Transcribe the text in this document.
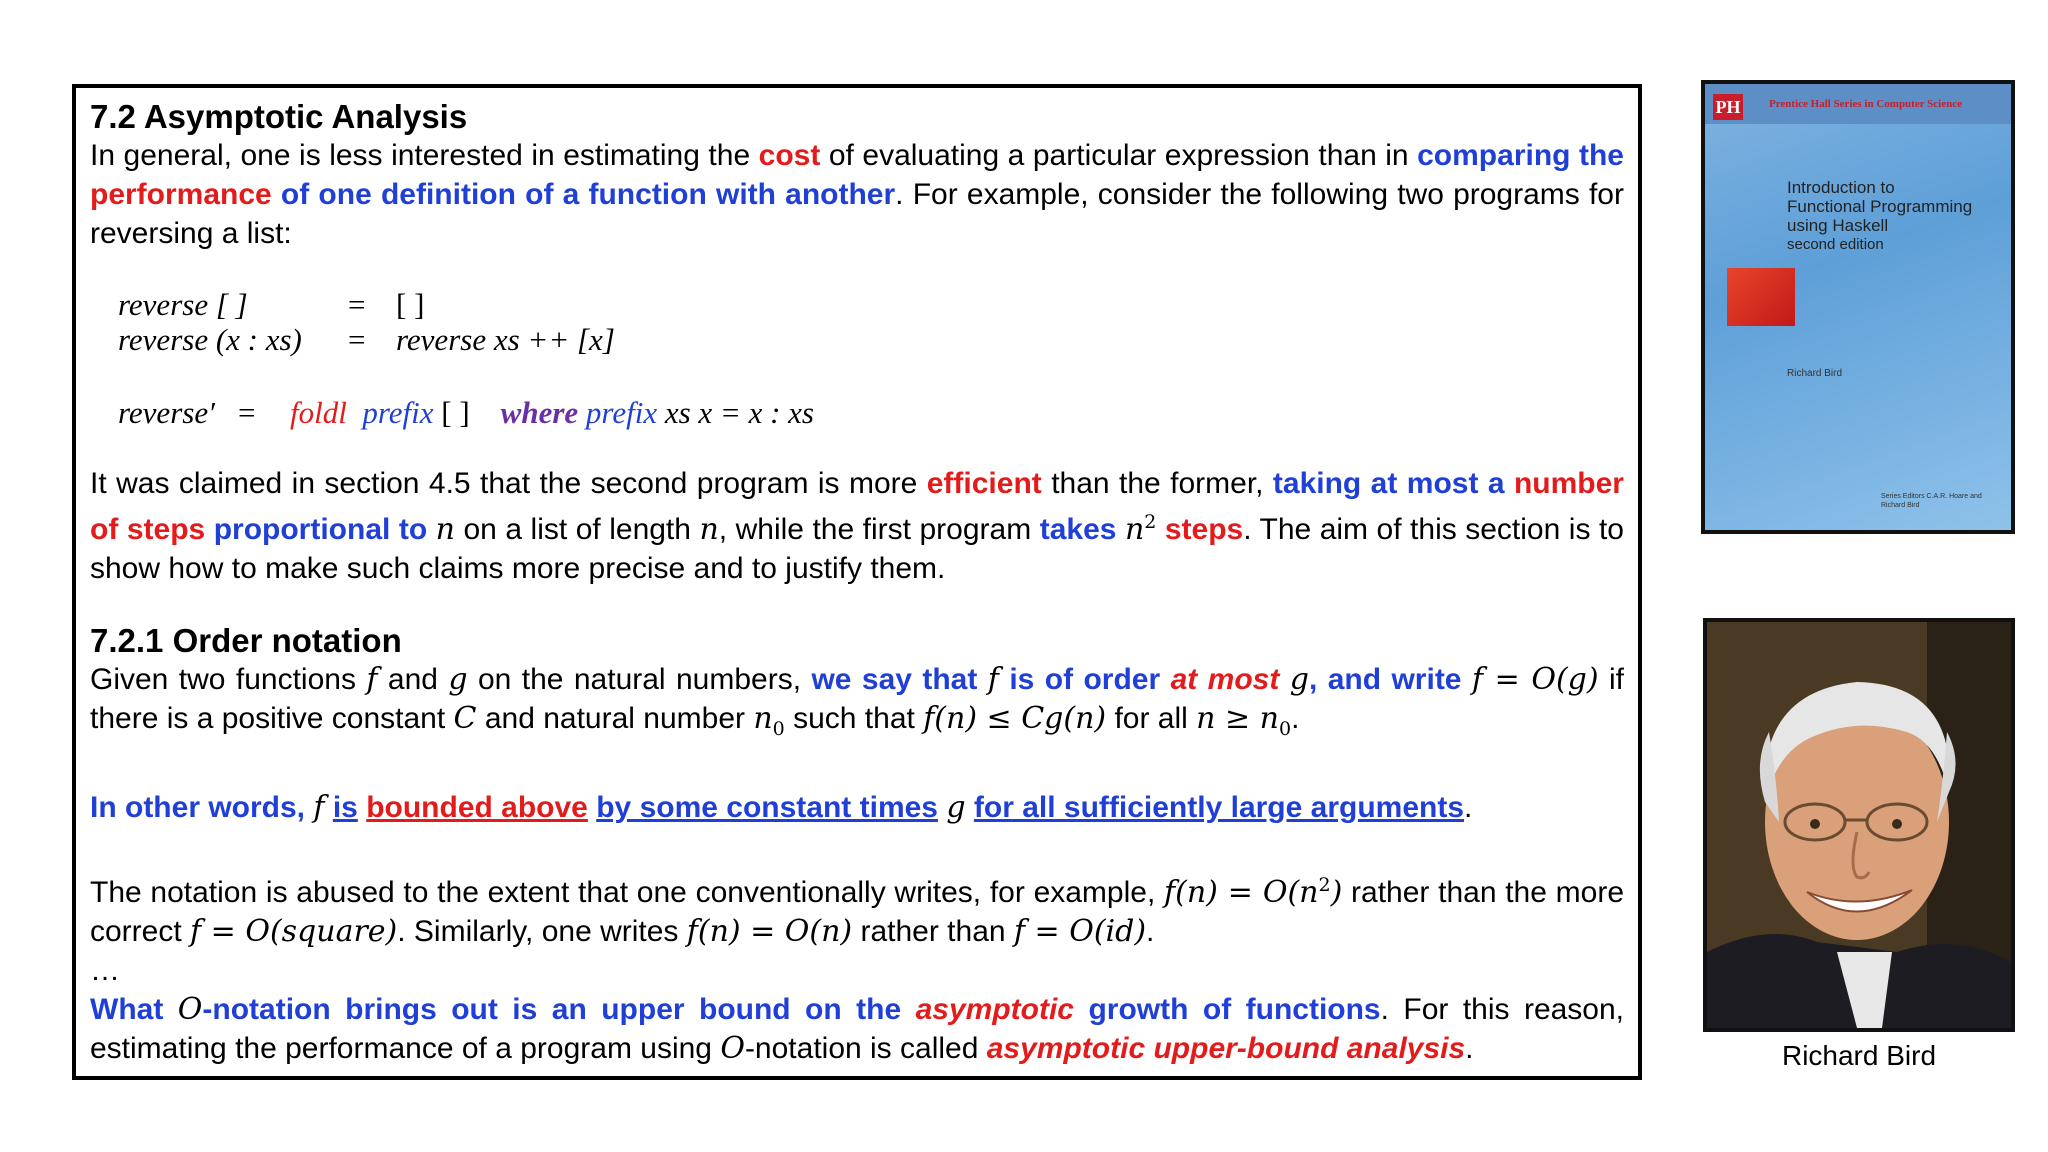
7.2 Asymptotic Analysis

In general, one is less interested in estimating the cost of evaluating a particular expression than in comparing the performance of one definition of a function with another. For example, consider the following two programs for reversing a list:

reverse [ ]	= [ ]
reverse (x : xs)	= reverse xs ++ [x]
reverse′ =	foldl
prefix
[ ]
where
prefix
xs x = x : xs

It was claimed in section 4.5 that the second program is more efficient than the former, taking at most a number of steps proportional to n on a list of length n, while the first program takes $n^2$ steps. The aim of this section is to show how to make such claims more precise and to justify them.

7.2.1 Order notation

Given two functions f and g on the natural numbers, we say that f is of order at most g, and write f = O(g) if there is a positive constant C and natural number $n_0$ such that f(n) ≤ Cg(n) for all $n \ge n_0$.

In other words, f is bounded above by some constant times g for all sufficiently large arguments.

The notation is abused to the extent that one conventionally writes, for example, $f(n) = O(n^2)$ rather than the more correct f = O(square). Similarly, one writes f(n) = O(n) rather than f = O(id).

…

What O-notation brings out is an upper bound on the asymptotic growth of functions. For this reason, estimating the performance of a program using O-notation is called asymptotic upper-bound analysis.

PH	Prentice Hall Series in Computer Science
Introduction to
Functional Programming
using Haskell
second edition
Richard Bird
Series Editors C.A.R. Hoare and Richard Bird
Richard Bird
